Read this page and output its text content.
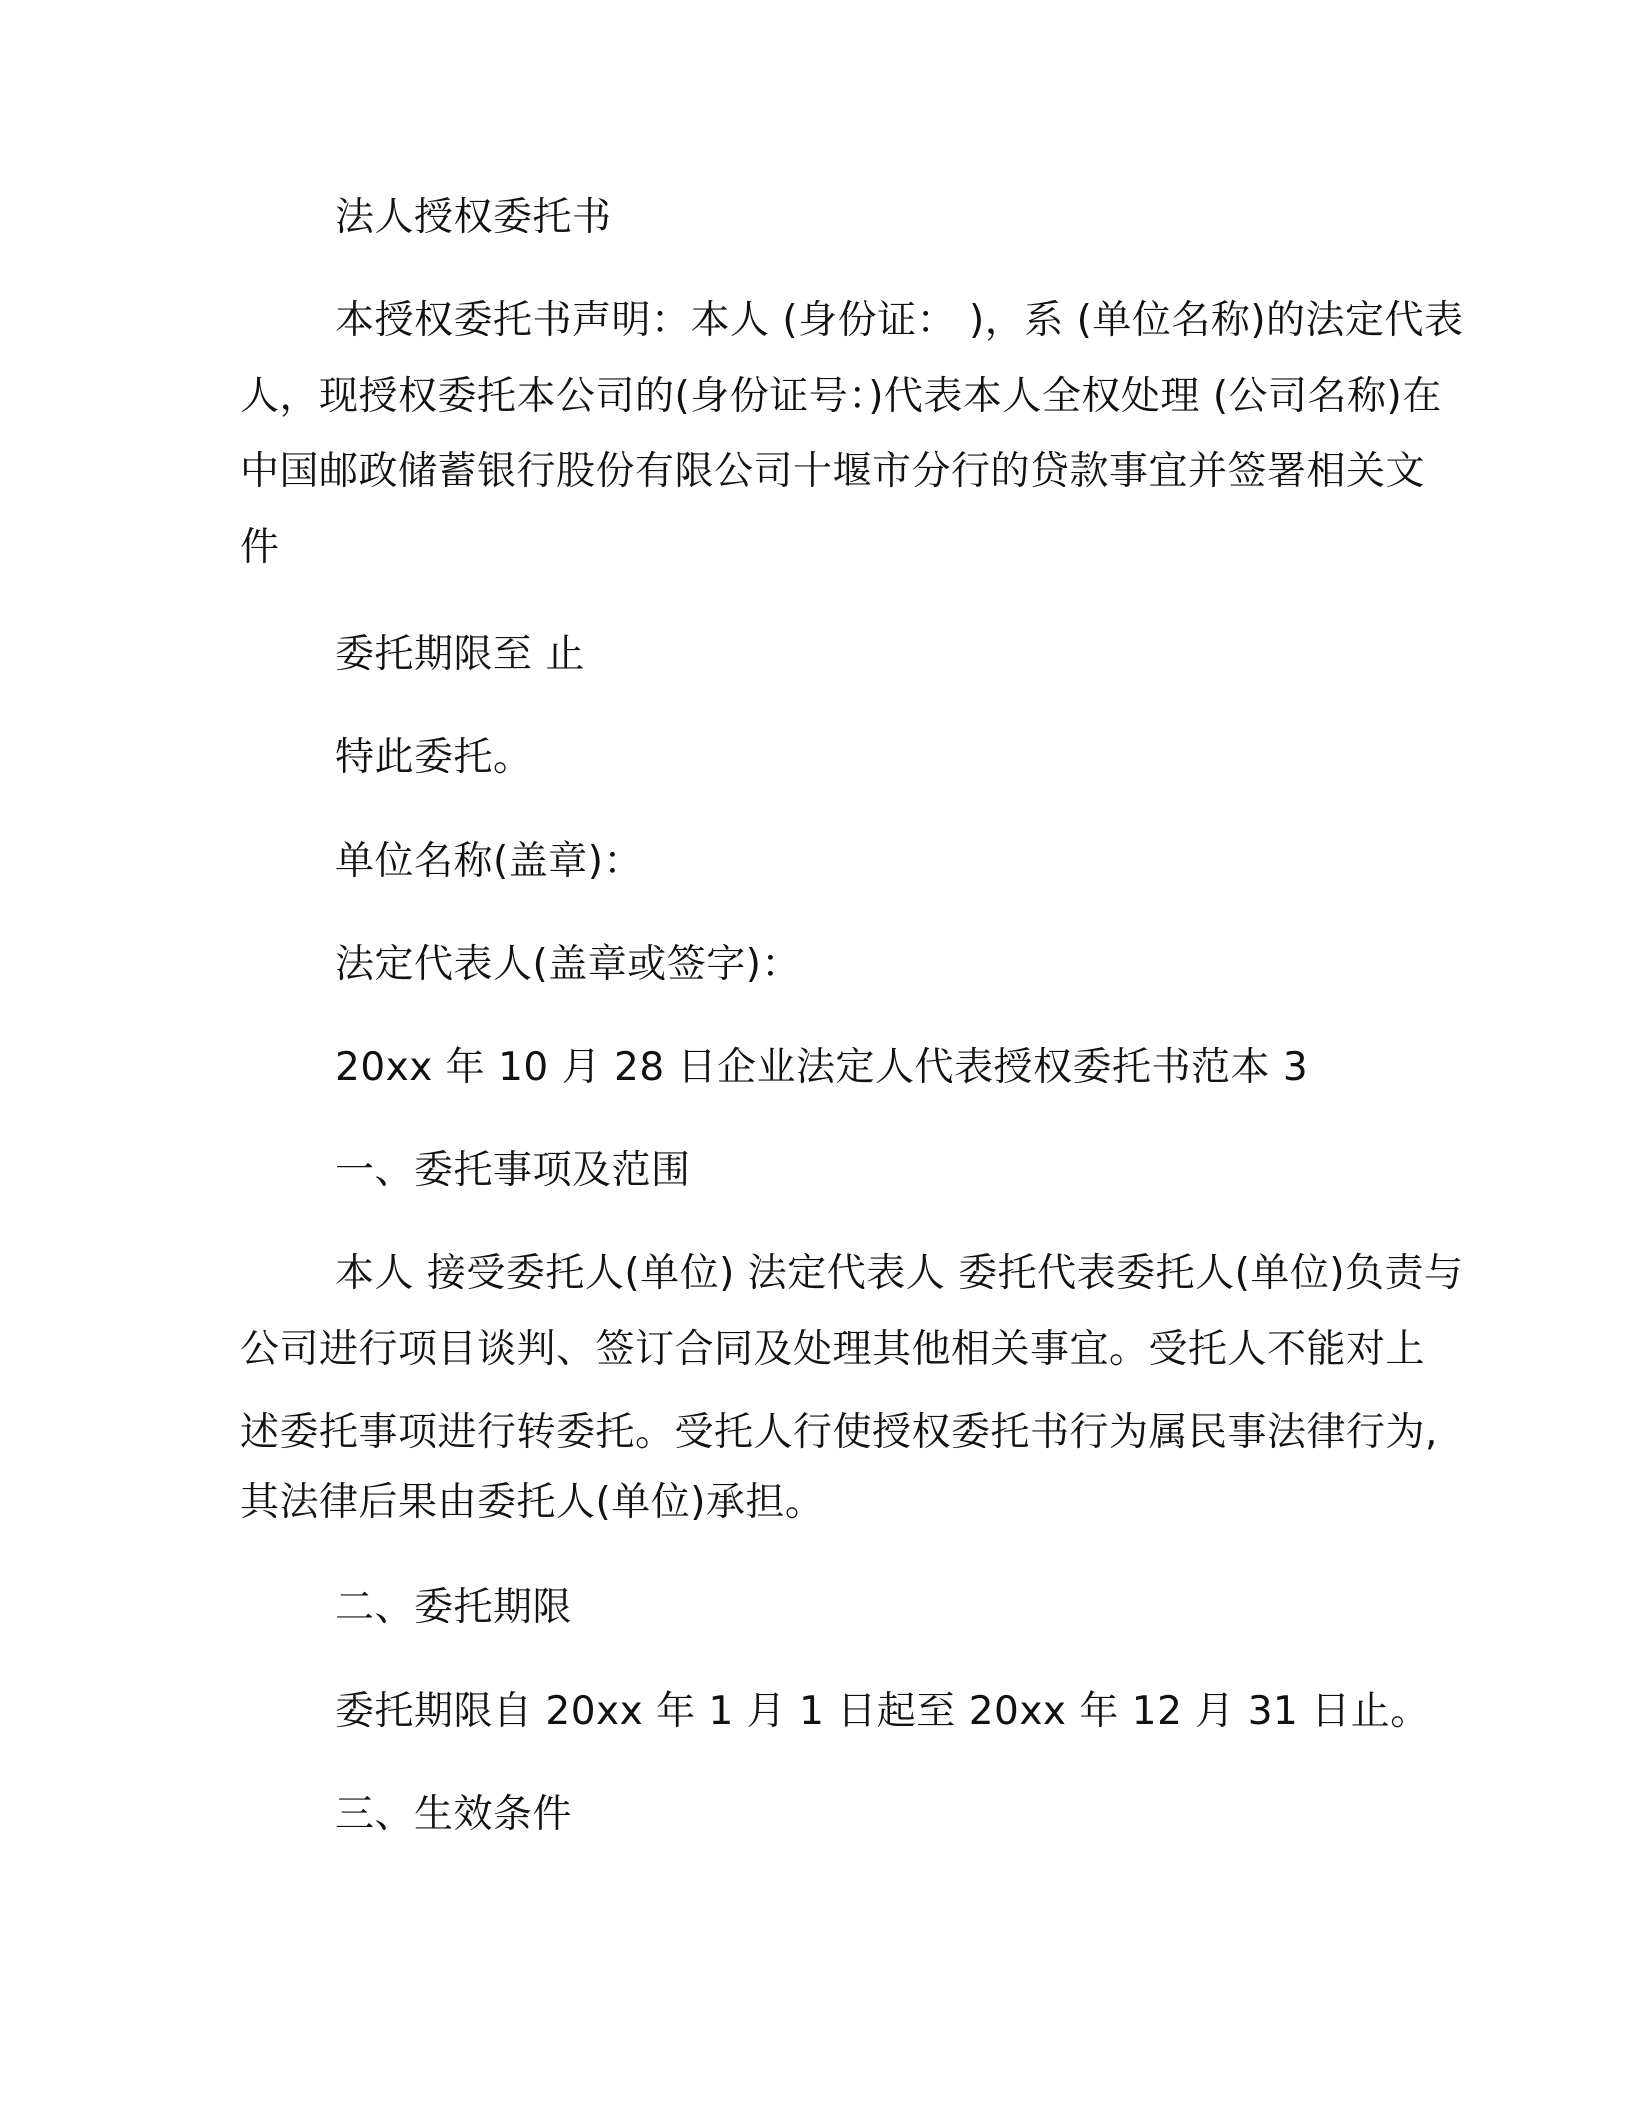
法人授权委托书
本授权委托书声明：本人 (身份证： )，系 (单位名称)的法定代表
人，现授权委托本公司的(身份证号：)代表本人全权处理 (公司名称)在
中国邮政储蓄银行股份有限公司十堰市分行的贷款事宜并签署相关文
件
委托期限至 止
特此委托。
单位名称(盖章)：
法定代表人(盖章或签字)：
20xx 年 10 月 28 日企业法定人代表授权委托书范本 3
一、委托事项及范围
本人 接受委托人(单位) 法定代表人 委托代表委托人(单位)负责与
公司进行项目谈判、签订合同及处理其他相关事宜。受托人不能对上
述委托事项进行转委托。受托人行使授权委托书行为属民事法律行为,
其法律后果由委托人(单位)承担。
二、委托期限
委托期限自 20xx 年 1 月 1 日起至 20xx 年 12 月 31 日止。
三、生效条件
